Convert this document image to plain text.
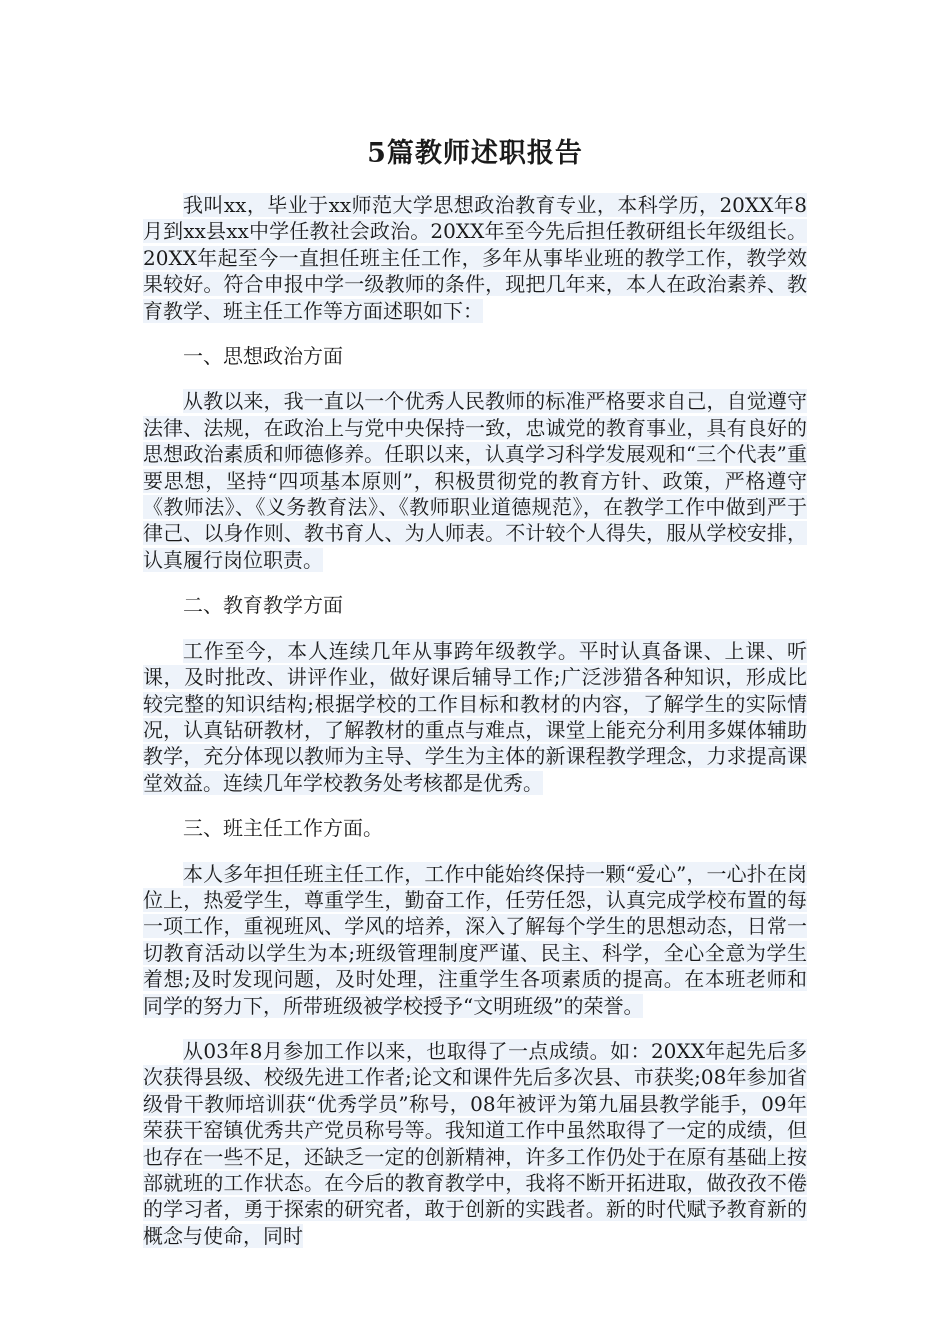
5篇教师述职报告

我叫xx，毕业于xx师范大学思想政治教育专业，本科学历，20XX年8月到xx县xx中学任教社会政治。20XX年至今先后担任教研组长年级组长。20XX年起至今一直担任班主任工作，多年从事毕业班的教学工作，教学效果较好。符合申报中学一级教师的条件，现把几年来，本人在政治素养、教育教学、班主任工作等方面述职如下：

一、思想政治方面

从教以来，我一直以一个优秀人民教师的标准严格要求自己，自觉遵守法律、法规，在政治上与党中央保持一致，忠诚党的教育事业，具有良好的思想政治素质和师德修养。任职以来，认真学习科学发展观和“三个代表”重要思想，坚持“四项基本原则”，积极贯彻党的教育方针、政策，严格遵守《教师法》、《义务教育法》、《教师职业道德规范》，在教学工作中做到严于律己、以身作则、教书育人、为人师表。不计较个人得失，服从学校安排，认真履行岗位职责。

二、教育教学方面

工作至今，本人连续几年从事跨年级教学。平时认真备课、上课、听课，及时批改、讲评作业，做好课后辅导工作;广泛涉猎各种知识，形成比较完整的知识结构;根据学校的工作目标和教材的内容，了解学生的实际情况，认真钻研教材，了解教材的重点与难点，课堂上能充分利用多媒体辅助教学，充分体现以教师为主导、学生为主体的新课程教学理念，力求提高课堂效益。连续几年学校教务处考核都是优秀。

三、班主任工作方面。

本人多年担任班主任工作，工作中能始终保持一颗“爱心”，一心扑在岗位上，热爱学生，尊重学生，勤奋工作，任劳任怨，认真完成学校布置的每一项工作，重视班风、学风的培养，深入了解每个学生的思想动态，日常一切教育活动以学生为本;班级管理制度严谨、民主、科学，全心全意为学生着想;及时发现问题，及时处理，注重学生各项素质的提高。在本班老师和同学的努力下，所带班级被学校授予“文明班级”的荣誉。

从03年8月参加工作以来，也取得了一点成绩。如：20XX年起先后多次获得县级、校级先进工作者;论文和课件先后多次县、市获奖;08年参加省级骨干教师培训获“优秀学员”称号，08年被评为第九届县教学能手，09年荣获干窑镇优秀共产党员称号等。我知道工作中虽然取得了一定的成绩，但也存在一些不足，还缺乏一定的创新精神，许多工作仍处于在原有基础上按部就班的工作状态。在今后的教育教学中，我将不断开拓进取，做孜孜不倦的学习者，勇于探索的研究者，敢于创新的实践者。新的时代赋予教育新的概念与使命，同时
